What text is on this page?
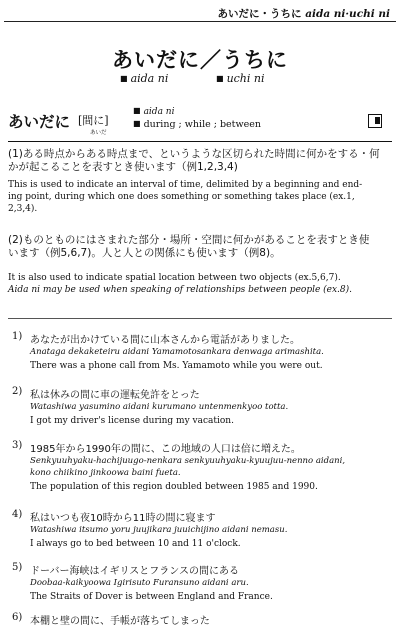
あいだに・うちに aida ni·uchi ni
あいだに／うちに
■ aida ni	■ uchi ni
あいだに [間に]
あいだ
■ aida ni
■ during ; while ; between
(1)ある時点からある時点まで、というような区切られた時間に何かをする・何
かが起こることを表すとき使います（例1,2,3,4)
This is used to indicate an interval of time, delimited by a beginning and end-
ing point, during which one does something or something takes place (ex.1,
2,3,4).
(2)ものとものにはさまれた部分・場所・空間に何かがあることを表すとき使
います（例5,6,7)。人と人との関係にも使います（例8)。
It is also used to indicate spatial location between two objects (ex.5,6,7).
Aida ni may be used when speaking of relationships between people (ex.8).
1) あなたが出かけている間に山本さんから電話がありました。
Anataga dekaketeiru aidani Yamamotosankara denwaga arimashita.
There was a phone call from Ms. Yamamoto while you were out.
2) 私は休みの間に車の運転免許をとった
Watashiwa yasumino aidani kurumano untenmenkyoo totta.
I got my driver's license during my vacation.
3) 1985年から1990年の間に、この地域の人口は倍に増えた。
Senkyuuhyaku-hachijuugo-nenkara senkyuuhyaku-kyuujuu-nenno aidani,
kono chiikino jinkoowa baini fueta.
The population of this region doubled between 1985 and 1990.
4) 私はいつも夜10時から11時の間に寝ます
Watashiwa itsumo yoru juujikara juuichijino aidani nemasu.
I always go to bed between 10 and 11 o'clock.
5) ドーバー海峡はイギリスとフランスの間にある
Doobaa-kaikyoowa Igirisuto Furansuno aidani aru.
The Straits of Dover is between England and France.
6) 本棚と壁の間に、手帳が落ちてしまった
